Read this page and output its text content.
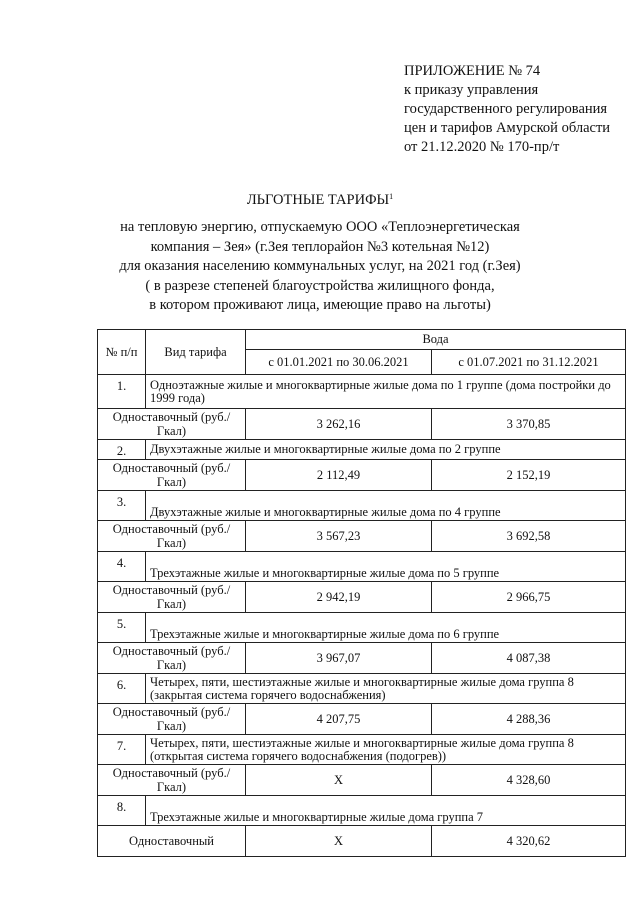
ПРИЛОЖЕНИЕ № 74
к приказу управления
государственного регулирования
цен и тарифов Амурской области
от 21.12.2020 № 170-пр/т
ЛЬГОТНЫЕ ТАРИФЫ$^1$
на тепловую энергию, отпускаемую ООО «Теплоэнергетическая
компания – Зея» (г.Зея теплорайон №3 котельная №12)
для оказания населению коммунальных услуг, на 2021 год (г.Зея)
( в разрезе степеней благоустройства жилищного фонда,
в котором проживают лица, имеющие право на льготы)
№ п/п	Вид тарифа	Вода	
		с 01.01.2021 по 30.06.2021	с 01.07.2021 по 31.12.2021
1.	Одноэтажные жилые и многоквартирные жилые дома по 1 группе (дома постройки до 1999 года)		
Одноставочный (руб./Гкал)		3 262,16	3 370,85
2.	Двухэтажные жилые и многоквартирные жилые дома по 2 группе		
Одноставочный (руб./Гкал)		2 112,49	2 152,19
3.	Двухэтажные жилые и многоквартирные жилые дома по 4 группе		
Одноставочный (руб./Гкал)		3 567,23	3 692,58
4.	Трехэтажные жилые и многоквартирные жилые дома по 5 группе		
Одноставочный (руб./Гкал)		2 942,19	2 966,75
5.	Трехэтажные жилые и многоквартирные жилые дома по 6 группе		
Одноставочный (руб./Гкал)		3 967,07	4 087,38
6.	Четырех, пяти, шестиэтажные жилые и многоквартирные жилые дома группа 8 (закрытая система горячего водоснабжения)		
Одноставочный (руб./Гкал)		4 207,75	4 288,36
7.	Четырех, пяти, шестиэтажные жилые и многоквартирные жилые дома группа 8 (открытая система горячего водоснабжения (подогрев))		
Одноставочный (руб./Гкал)		Х	4 328,60
8.	Трехэтажные жилые и многоквартирные жилые дома группа 7		
Одноставочный		Х	4 320,62
